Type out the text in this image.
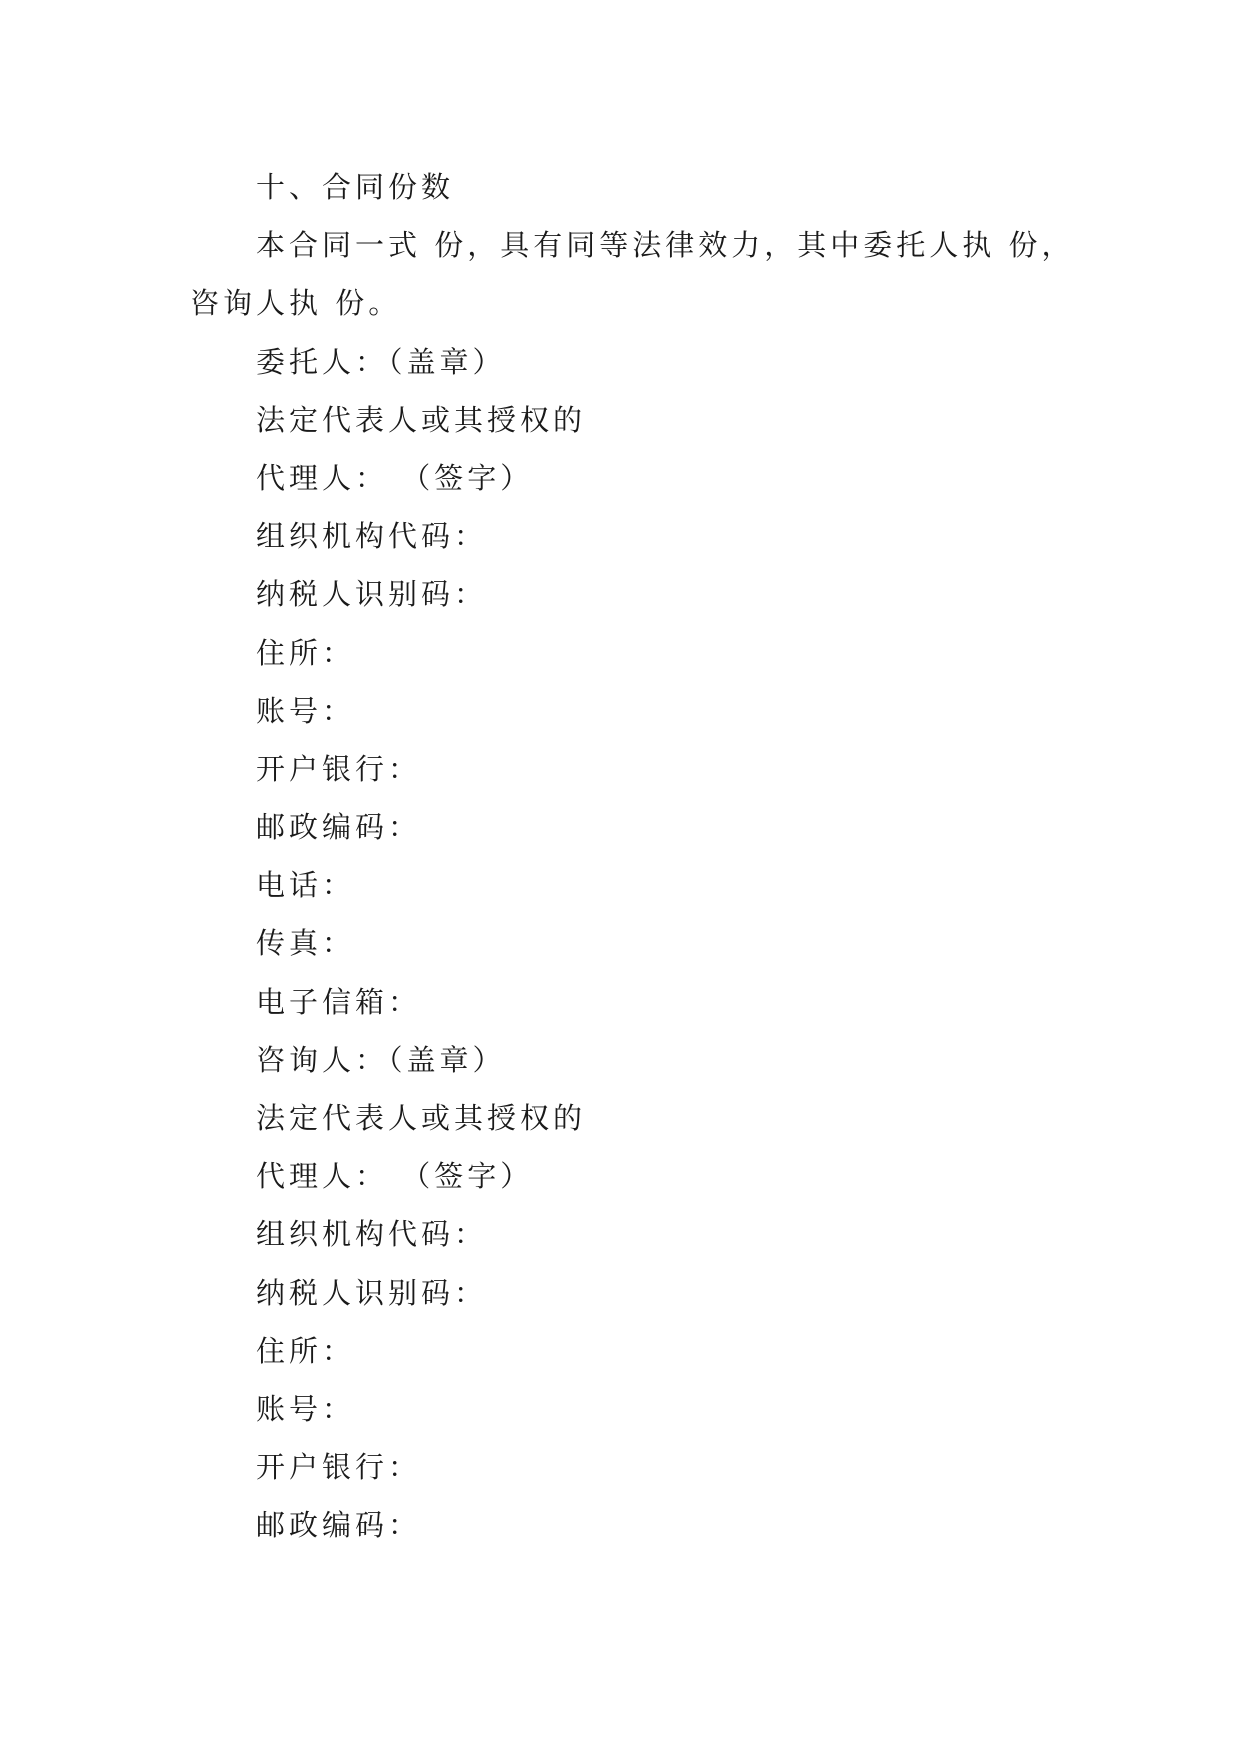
十、合同份数
本合同一式 份，具有同等法律效力，其中委托人执 份，
咨询人执 份。
委托人：（盖章）
法定代表人或其授权的
代理人： （签字）
组织机构代码：
纳税人识别码：
住所：
账号：
开户银行：
邮政编码：
电话：
传真：
电子信箱：
咨询人：（盖章）
法定代表人或其授权的
代理人： （签字）
组织机构代码：
纳税人识别码：
住所：
账号：
开户银行：
邮政编码：
